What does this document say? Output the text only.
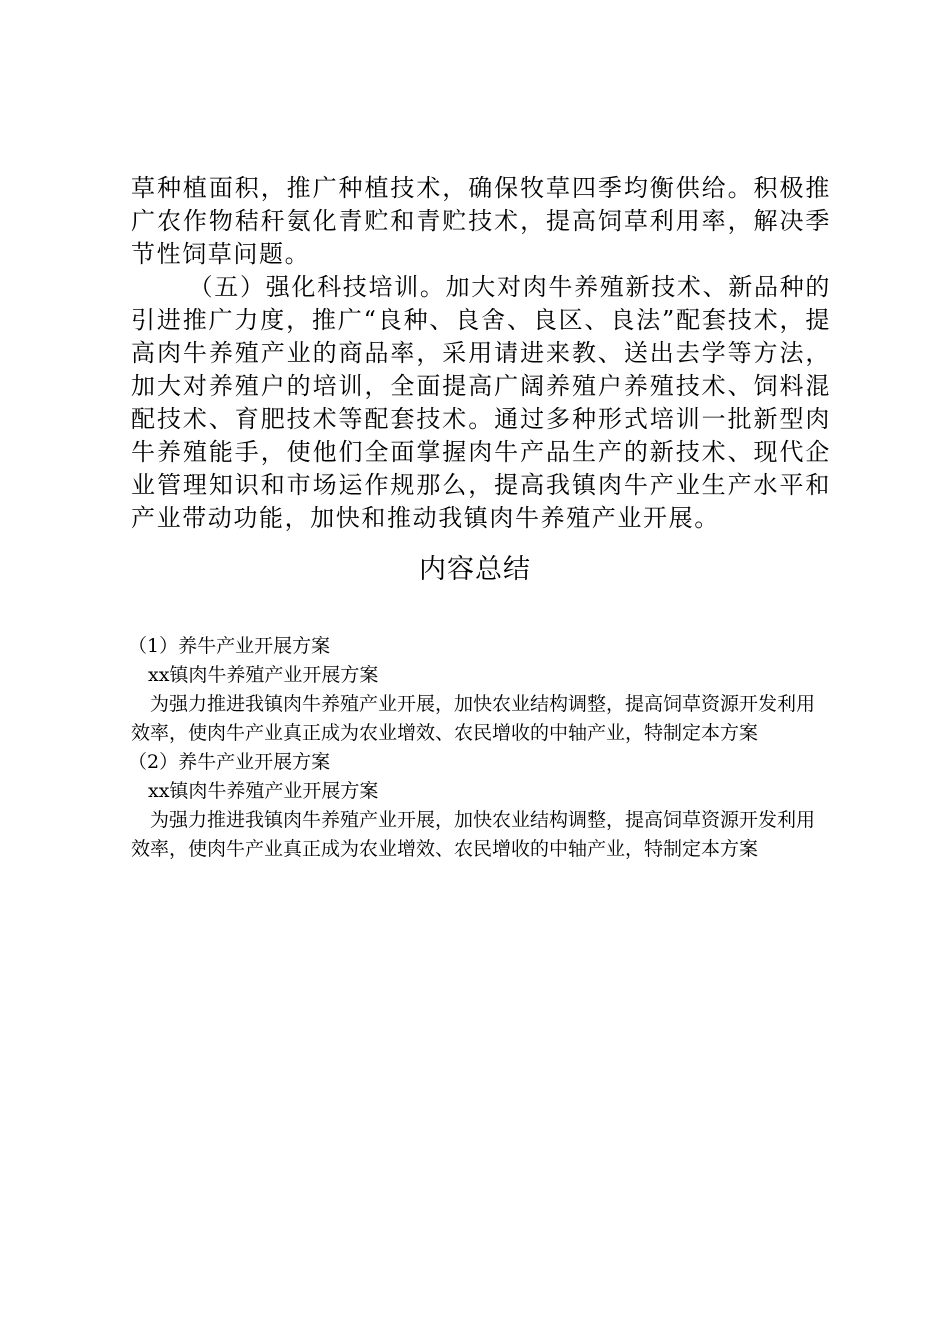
草种植面积，推广种植技术，确保牧草四季均衡供给。积极推广农作物秸秆氨化青贮和青贮技术，提高饲草利用率，解决季节性饲草问题。

（五）强化科技培训。加大对肉牛养殖新技术、新品种的引进推广力度，推广“良种、良舍、良区、良法”配套技术，提高肉牛养殖产业的商品率，采用请进来教、送出去学等方法，加大对养殖户的培训，全面提高广阔养殖户养殖技术、饲料混配技术、育肥技术等配套技术。通过多种形式培训一批新型肉牛养殖能手，使他们全面掌握肉牛产品生产的新技术、现代企业管理知识和市场运作规那么，提高我镇肉牛产业生产水平和产业带动功能，加快和推动我镇肉牛养殖产业开展。

内容总结

（1）养牛产业开展方案

xx镇肉牛养殖产业开展方案

为强力推进我镇肉牛养殖产业开展，加快农业结构调整，提高饲草资源开发利用效率，使肉牛产业真正成为农业增效、农民增收的中轴产业，特制定本方案

（2）养牛产业开展方案

xx镇肉牛养殖产业开展方案

为强力推进我镇肉牛养殖产业开展，加快农业结构调整，提高饲草资源开发利用效率，使肉牛产业真正成为农业增效、农民增收的中轴产业，特制定本方案
